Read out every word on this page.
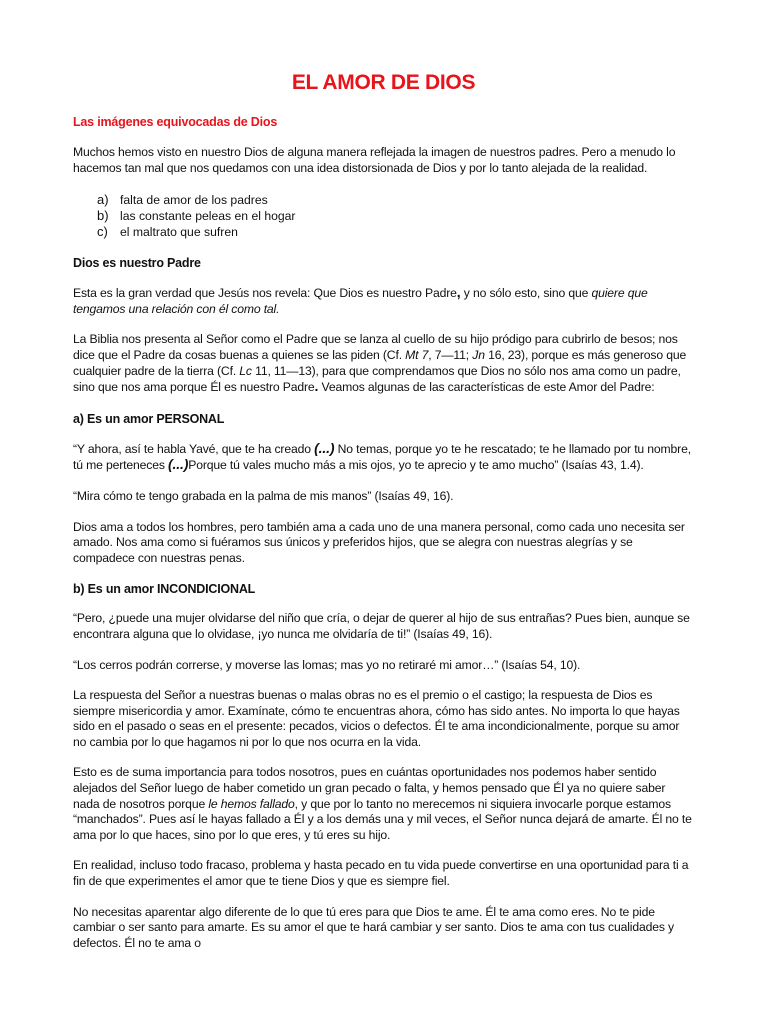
EL AMOR DE DIOS
Las imágenes equivocadas de Dios

Muchos hemos visto en nuestro Dios de alguna manera reflejada la imagen de nuestros padres. Pero a menudo lo hacemos tan mal que nos quedamos con una idea distorsionada de Dios y por lo tanto alejada de la realidad.

a) falta de amor de los padres
b) las constante peleas en el hogar
c) el maltrato que sufren
Dios es nuestro Padre

Esta es la gran verdad que Jesús nos revela: Que Dios es nuestro Padre, y no sólo esto, sino que quiere que tengamos una relación con él como tal.

La Biblia nos presenta al Señor como el Padre que se lanza al cuello de su hijo pródigo para cubrirlo de besos; nos dice que el Padre da cosas buenas a quienes se las piden (Cf. Mt 7, 7—11; Jn 16, 23), porque es más generoso que cualquier padre de la tierra (Cf. Lc 11, 11—13), para que comprendamos que Dios no sólo nos ama como un padre, sino que nos ama porque Él es nuestro Padre. Veamos algunas de las características de este Amor del Padre:

a) Es un amor PERSONAL

“Y ahora, así te habla Yavé, que te ha creado (...) No temas, porque yo te he rescatado; te he llamado por tu nombre, tú me perteneces (...)Porque tú vales mucho más a mis ojos, yo te aprecio y te amo mucho” (Isaías 43, 1.4).

“Mira cómo te tengo grabada en la palma de mis manos” (Isaías 49, 16).

Dios ama a todos los hombres, pero también ama a cada uno de una manera personal, como cada uno necesita ser amado. Nos ama como si fuéramos sus únicos y preferidos hijos, que se alegra con nuestras alegrías y se compadece con nuestras penas.

b) Es un amor INCONDICIONAL

“Pero, ¿puede una mujer olvidarse del niño que cría, o dejar de querer al hijo de sus entrañas? Pues bien, aunque se encontrara alguna que lo olvidase, ¡yo nunca me olvidaría de ti!” (Isaías 49, 16).

“Los cerros podrán correrse, y moverse las lomas; mas yo no retiraré mi amor…” (Isaías 54, 10).

La respuesta del Señor a nuestras buenas o malas obras no es el premio o el castigo; la respuesta de Dios es siempre misericordia y amor. Examínate, cómo te encuentras ahora, cómo has sido antes. No importa lo que hayas sido en el pasado o seas en el presente: pecados, vicios o defectos. Él te ama incondicionalmente, porque su amor no cambia por lo que hagamos ni por lo que nos ocurra en la vida.

Esto es de suma importancia para todos nosotros, pues en cuántas oportunidades nos podemos haber sentido alejados del Señor luego de haber cometido un gran pecado o falta, y hemos pensado que Él ya no quiere saber nada de nosotros porque le hemos fallado, y que por lo tanto no merecemos ni siquiera invocarle porque estamos “manchados”. Pues así le hayas fallado a Él y a los demás una y mil veces, el Señor nunca dejará de amarte. Él no te ama por lo que haces, sino por lo que eres, y tú eres su hijo.

En realidad, incluso todo fracaso, problema y hasta pecado en tu vida puede convertirse en una oportunidad para ti a fin de que experimentes el amor que te tiene Dios y que es siempre fiel.

No necesitas aparentar algo diferente de lo que tú eres para que Dios te ame. Él te ama como eres. No te pide cambiar o ser santo para amarte. Es su amor el que te hará cambiar y ser santo. Dios te ama con tus cualidades y defectos. Él no te ama o
